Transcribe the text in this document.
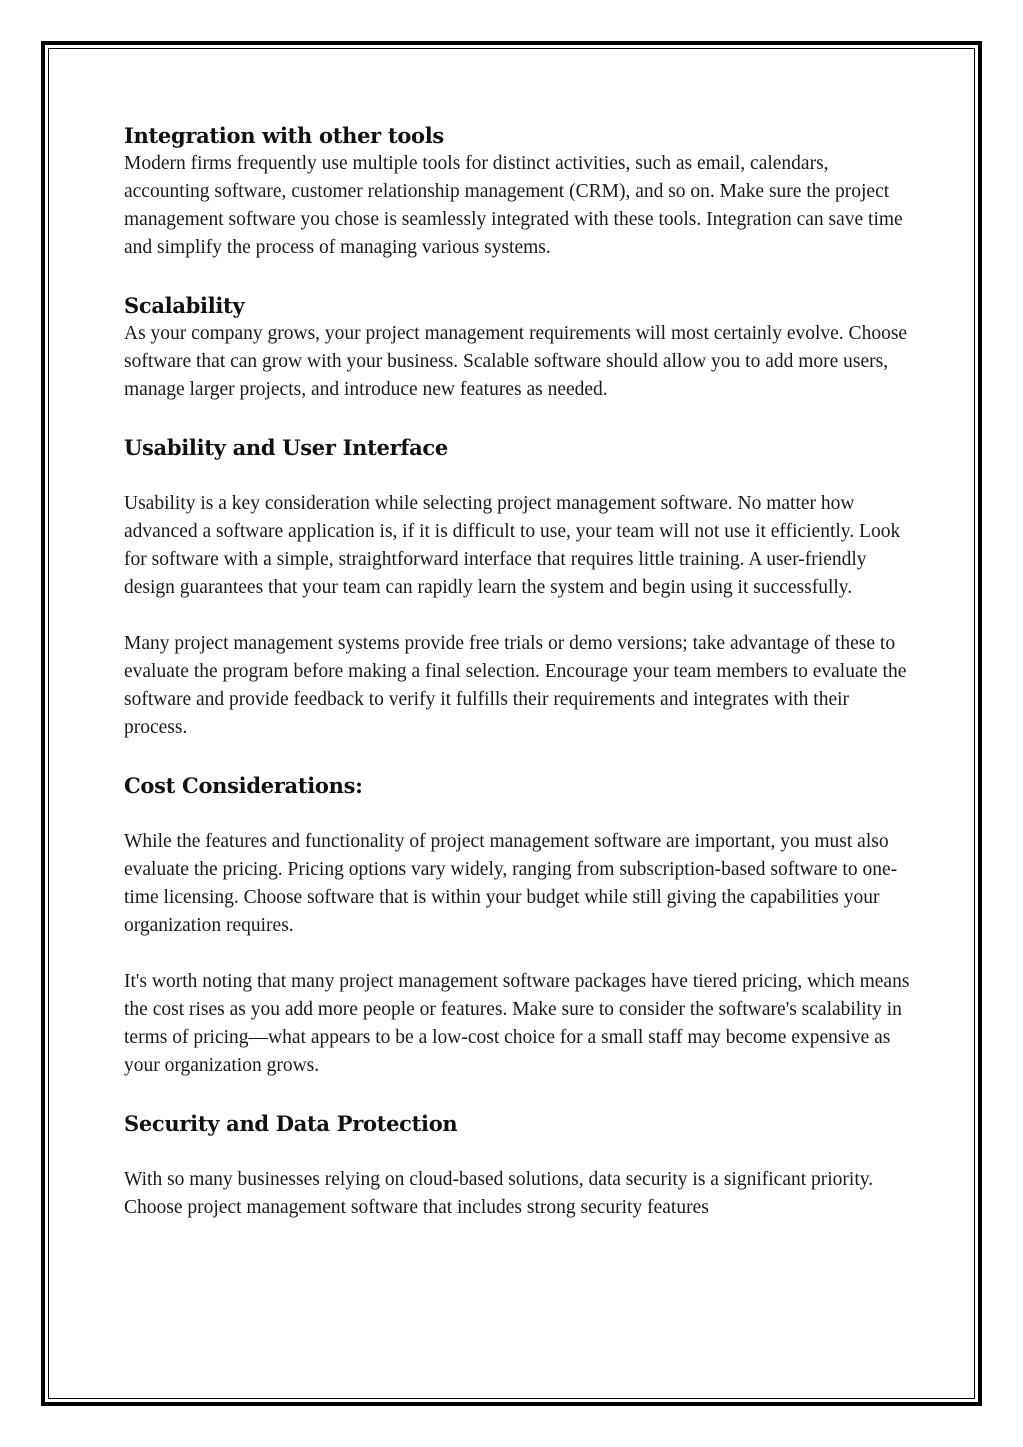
Integration with other tools

Modern firms frequently use multiple tools for distinct activities, such as email, calendars, accounting software, customer relationship management (CRM), and so on. Make sure the project management software you chose is seamlessly integrated with these tools. Integration can save time and simplify the process of managing various systems.

Scalability

As your company grows, your project management requirements will most certainly evolve. Choose software that can grow with your business. Scalable software should allow you to add more users, manage larger projects, and introduce new features as needed.

Usability and User Interface

Usability is a key consideration while selecting project management software. No matter how advanced a software application is, if it is difficult to use, your team will not use it efficiently. Look for software with a simple, straightforward interface that requires little training. A user-friendly design guarantees that your team can rapidly learn the system and begin using it successfully.

Many project management systems provide free trials or demo versions; take advantage of these to evaluate the program before making a final selection. Encourage your team members to evaluate the software and provide feedback to verify it fulfills their requirements and integrates with their process.

Cost Considerations:

While the features and functionality of project management software are important, you must also evaluate the pricing. Pricing options vary widely, ranging from subscription-based software to one-time licensing. Choose software that is within your budget while still giving the capabilities your organization requires.

It's worth noting that many project management software packages have tiered pricing, which means the cost rises as you add more people or features. Make sure to consider the software's scalability in terms of pricing—what appears to be a low-cost choice for a small staff may become expensive as your organization grows.

Security and Data Protection

With so many businesses relying on cloud-based solutions, data security is a significant priority. Choose project management software that includes strong security features
